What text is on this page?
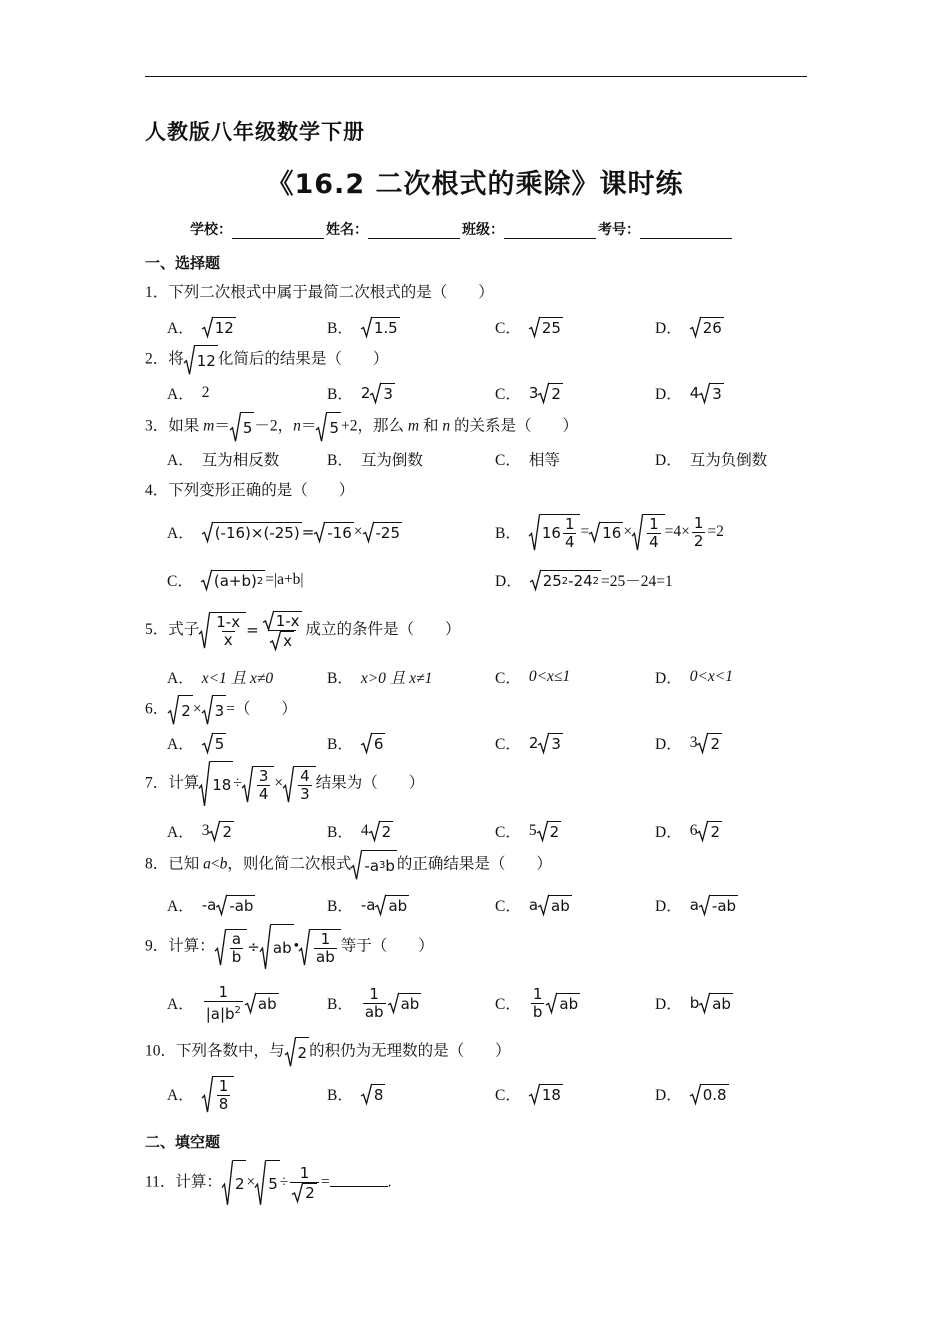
人教版八年级数学下册
《16.2 二次根式的乘除》课时练
学校：	姓名：	班级：	考号：
一、选择题
1．下列二次根式中属于最简二次根式的是（　　）
A． 12	B． 1.5	C． 25	D． 26
2．将 12 化简后的结果是（　　）
A． 2	B． 2 3	C． 3 2	D． 4 3
3．如果 m＝ 5 －2，n＝ 5 +2，那么 m 和 n 的关系是（　　）
A． 互为相反数	B． 互为倒数	C． 相等	D． 互为负倒数
4．下列变形正确的是（　　）
A． (-16)×(-25) = -16 × -25	B． $16 \frac{1}{4} = 16 \times \frac{1}{4} =4\times \frac{1}{2} =2$
C． (a+b) 2 =|a+b|	D． 25 2 -24 2 =25－24=1
5．式子 $\frac{1-x}{x} = \frac{1-x}{x}$ 成立的条件是（　　）
A． x<1 且 x≠0	B． x>0 且 x≠1	C． 0<x≤1	D． 0<x<1
6． 2 × 3 =（　　）
A． 5	B． 6	C． 2 3	D． 3 2
7．计算 $18 \div \frac{3}{4} \times \frac{4}{3}$ 结果为（　　）
A． 3 2	B． 4 2	C． 5 2	D． 6 2
8．已知 a<b，则化简二次根式 -a 3 b 的正确结果是（　　）
A． -a -ab	B． -a ab	C． a ab	D． a -ab
9．计算： $\frac{a}{b}$ ÷ ab • $\frac{1}{ab}$ 等于（　　）
A． $\frac{1}{|a|b^2}$ ab	B． $\frac{1}{ab}$ ab	C． $\frac{1}{b}$ ab	D． b ab
10．下列各数中，与 2 的积仍为无理数的是（　　）
A． $\frac{1}{8}$	B． 8	C． 18	D． 0.8
二、填空题
11．计算： $2 \times 5 \div \frac{1}{2}$ =	.
